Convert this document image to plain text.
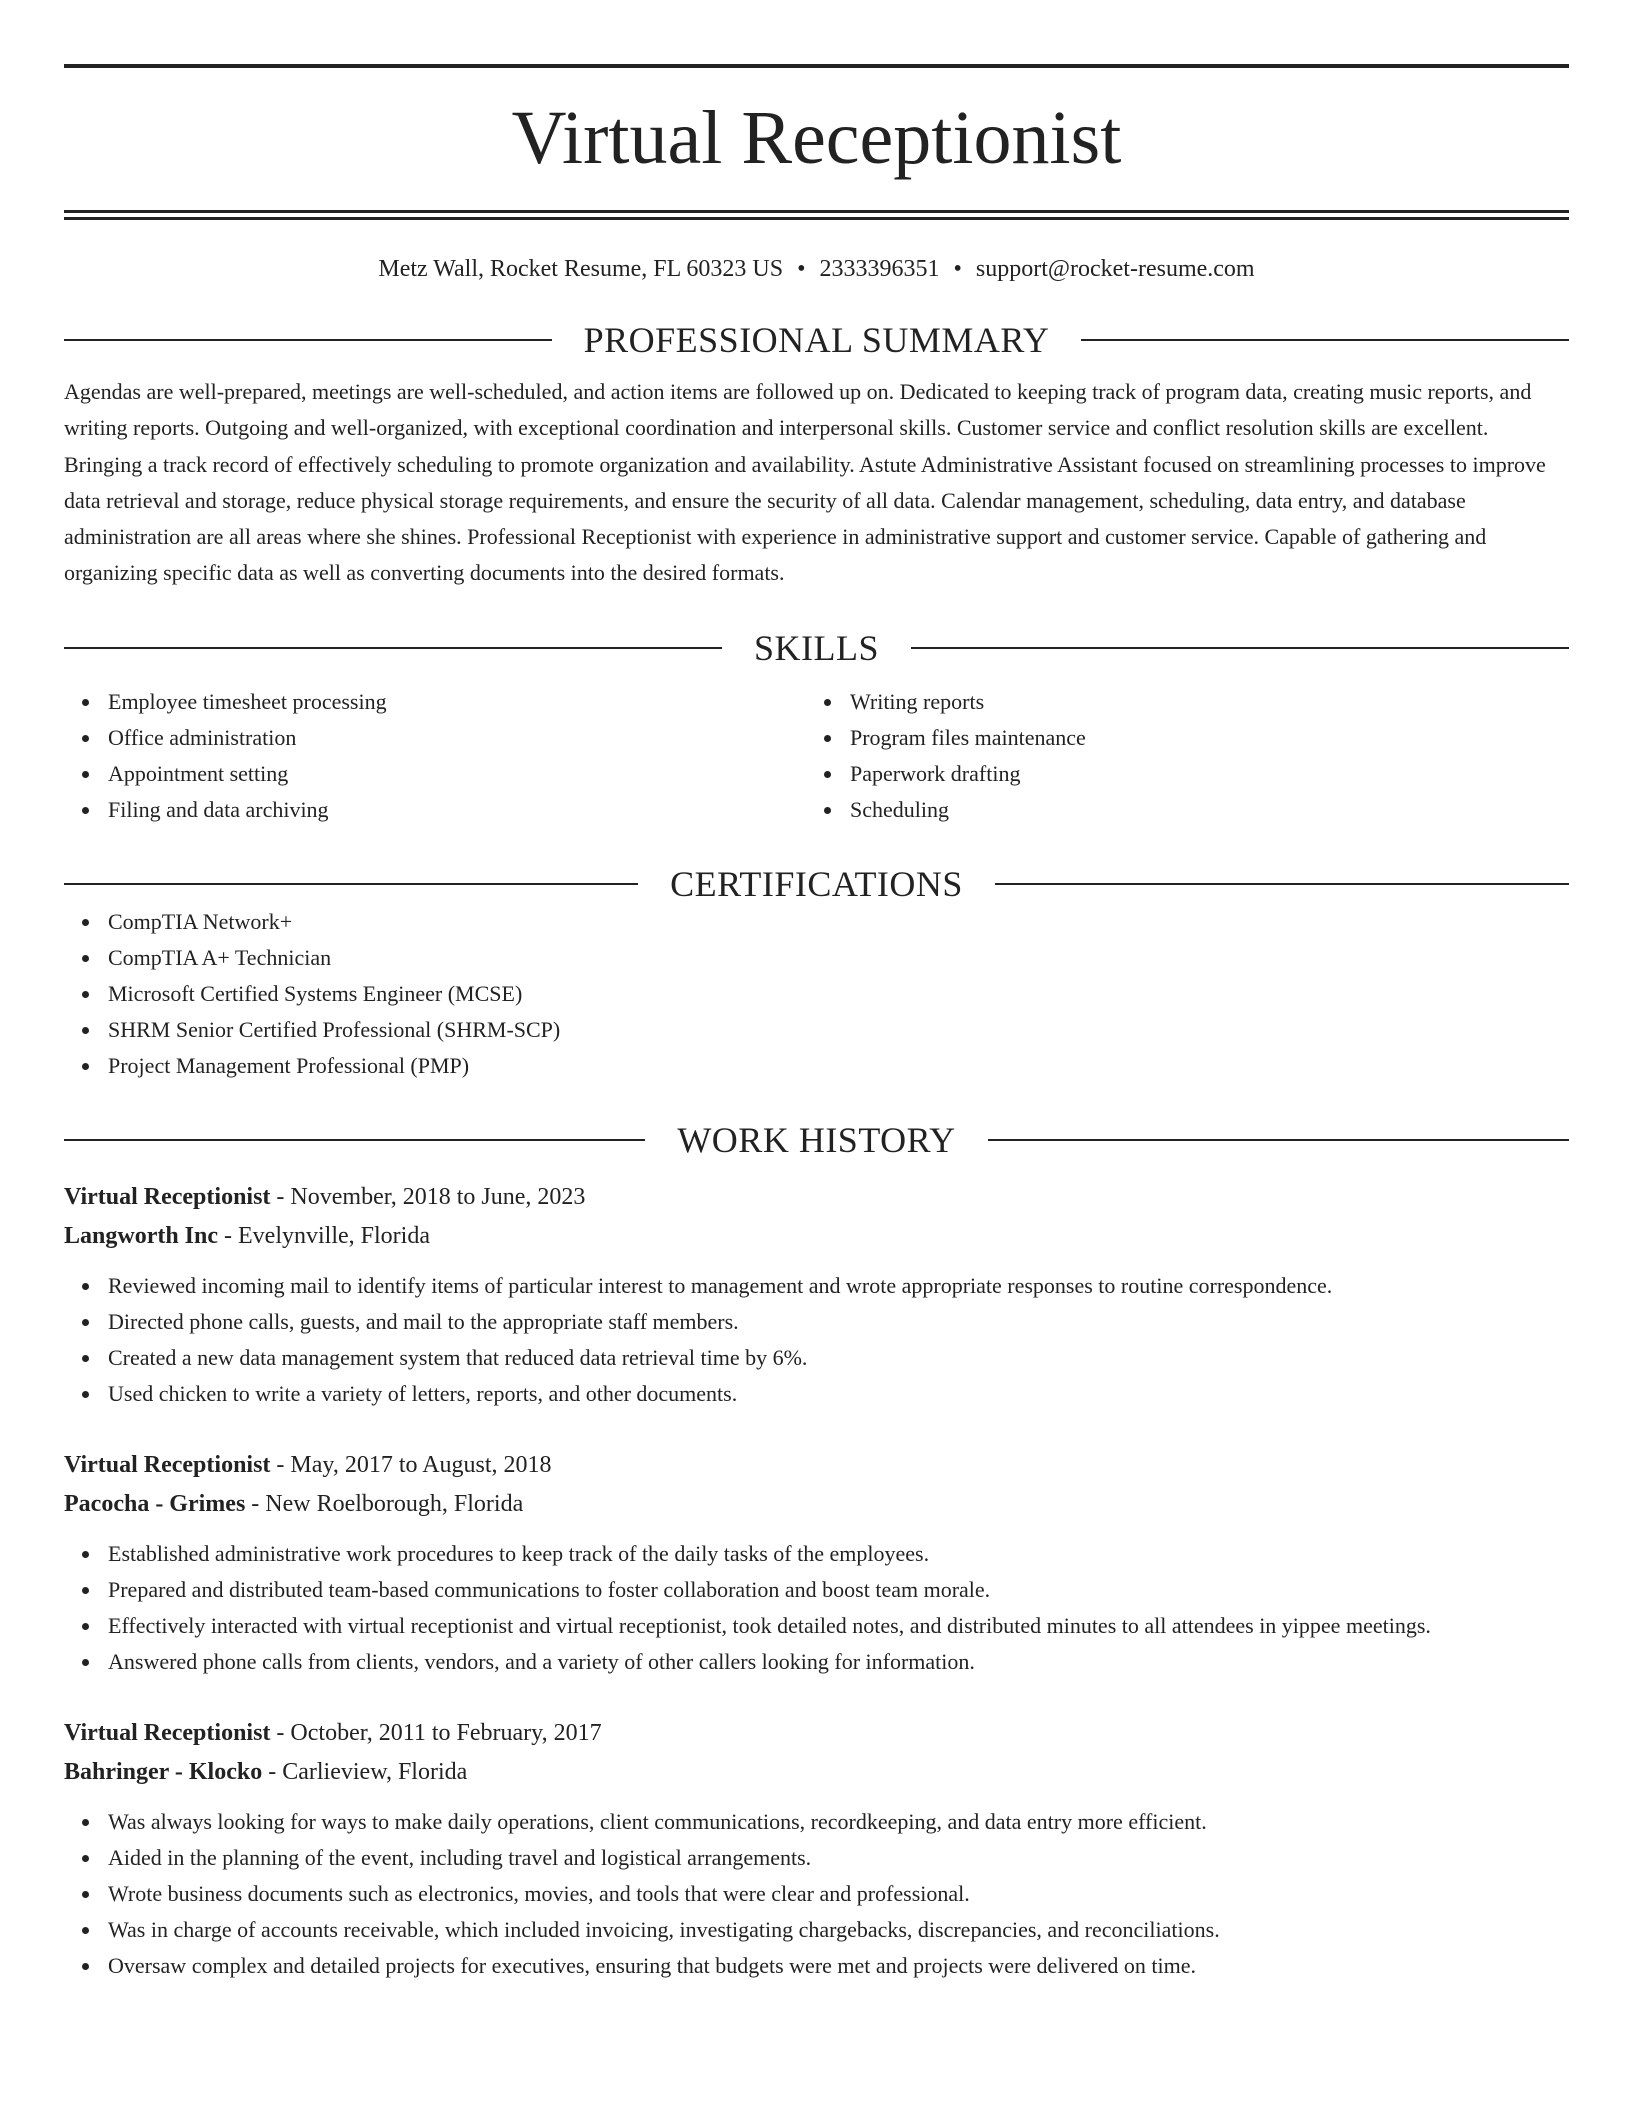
Virtual Receptionist
Metz Wall, Rocket Resume, FL 60323 US • 2333396351 • support@rocket-resume.com
PROFESSIONAL SUMMARY
Agendas are well-prepared, meetings are well-scheduled, and action items are followed up on. Dedicated to keeping track of program data, creating music reports, and writing reports. Outgoing and well-organized, with exceptional coordination and interpersonal skills. Customer service and conflict resolution skills are excellent. Bringing a track record of effectively scheduling to promote organization and availability. Astute Administrative Assistant focused on streamlining processes to improve data retrieval and storage, reduce physical storage requirements, and ensure the security of all data. Calendar management, scheduling, data entry, and database administration are all areas where she shines. Professional Receptionist with experience in administrative support and customer service. Capable of gathering and organizing specific data as well as converting documents into the desired formats.
SKILLS
Employee timesheet processing
Office administration
Appointment setting
Filing and data archiving
Writing reports
Program files maintenance
Paperwork drafting
Scheduling
CERTIFICATIONS
CompTIA Network+
CompTIA A+ Technician
Microsoft Certified Systems Engineer (MCSE)
SHRM Senior Certified Professional (SHRM-SCP)
Project Management Professional (PMP)
WORK HISTORY
Virtual Receptionist - November, 2018 to June, 2023
Langworth Inc - Evelynville, Florida
Reviewed incoming mail to identify items of particular interest to management and wrote appropriate responses to routine correspondence.
Directed phone calls, guests, and mail to the appropriate staff members.
Created a new data management system that reduced data retrieval time by 6%.
Used chicken to write a variety of letters, reports, and other documents.
Virtual Receptionist - May, 2017 to August, 2018
Pacocha - Grimes - New Roelborough, Florida
Established administrative work procedures to keep track of the daily tasks of the employees.
Prepared and distributed team-based communications to foster collaboration and boost team morale.
Effectively interacted with virtual receptionist and virtual receptionist, took detailed notes, and distributed minutes to all attendees in yippee meetings.
Answered phone calls from clients, vendors, and a variety of other callers looking for information.
Virtual Receptionist - October, 2011 to February, 2017
Bahringer - Klocko - Carlieview, Florida
Was always looking for ways to make daily operations, client communications, recordkeeping, and data entry more efficient.
Aided in the planning of the event, including travel and logistical arrangements.
Wrote business documents such as electronics, movies, and tools that were clear and professional.
Was in charge of accounts receivable, which included invoicing, investigating chargebacks, discrepancies, and reconciliations.
Oversaw complex and detailed projects for executives, ensuring that budgets were met and projects were delivered on time.
